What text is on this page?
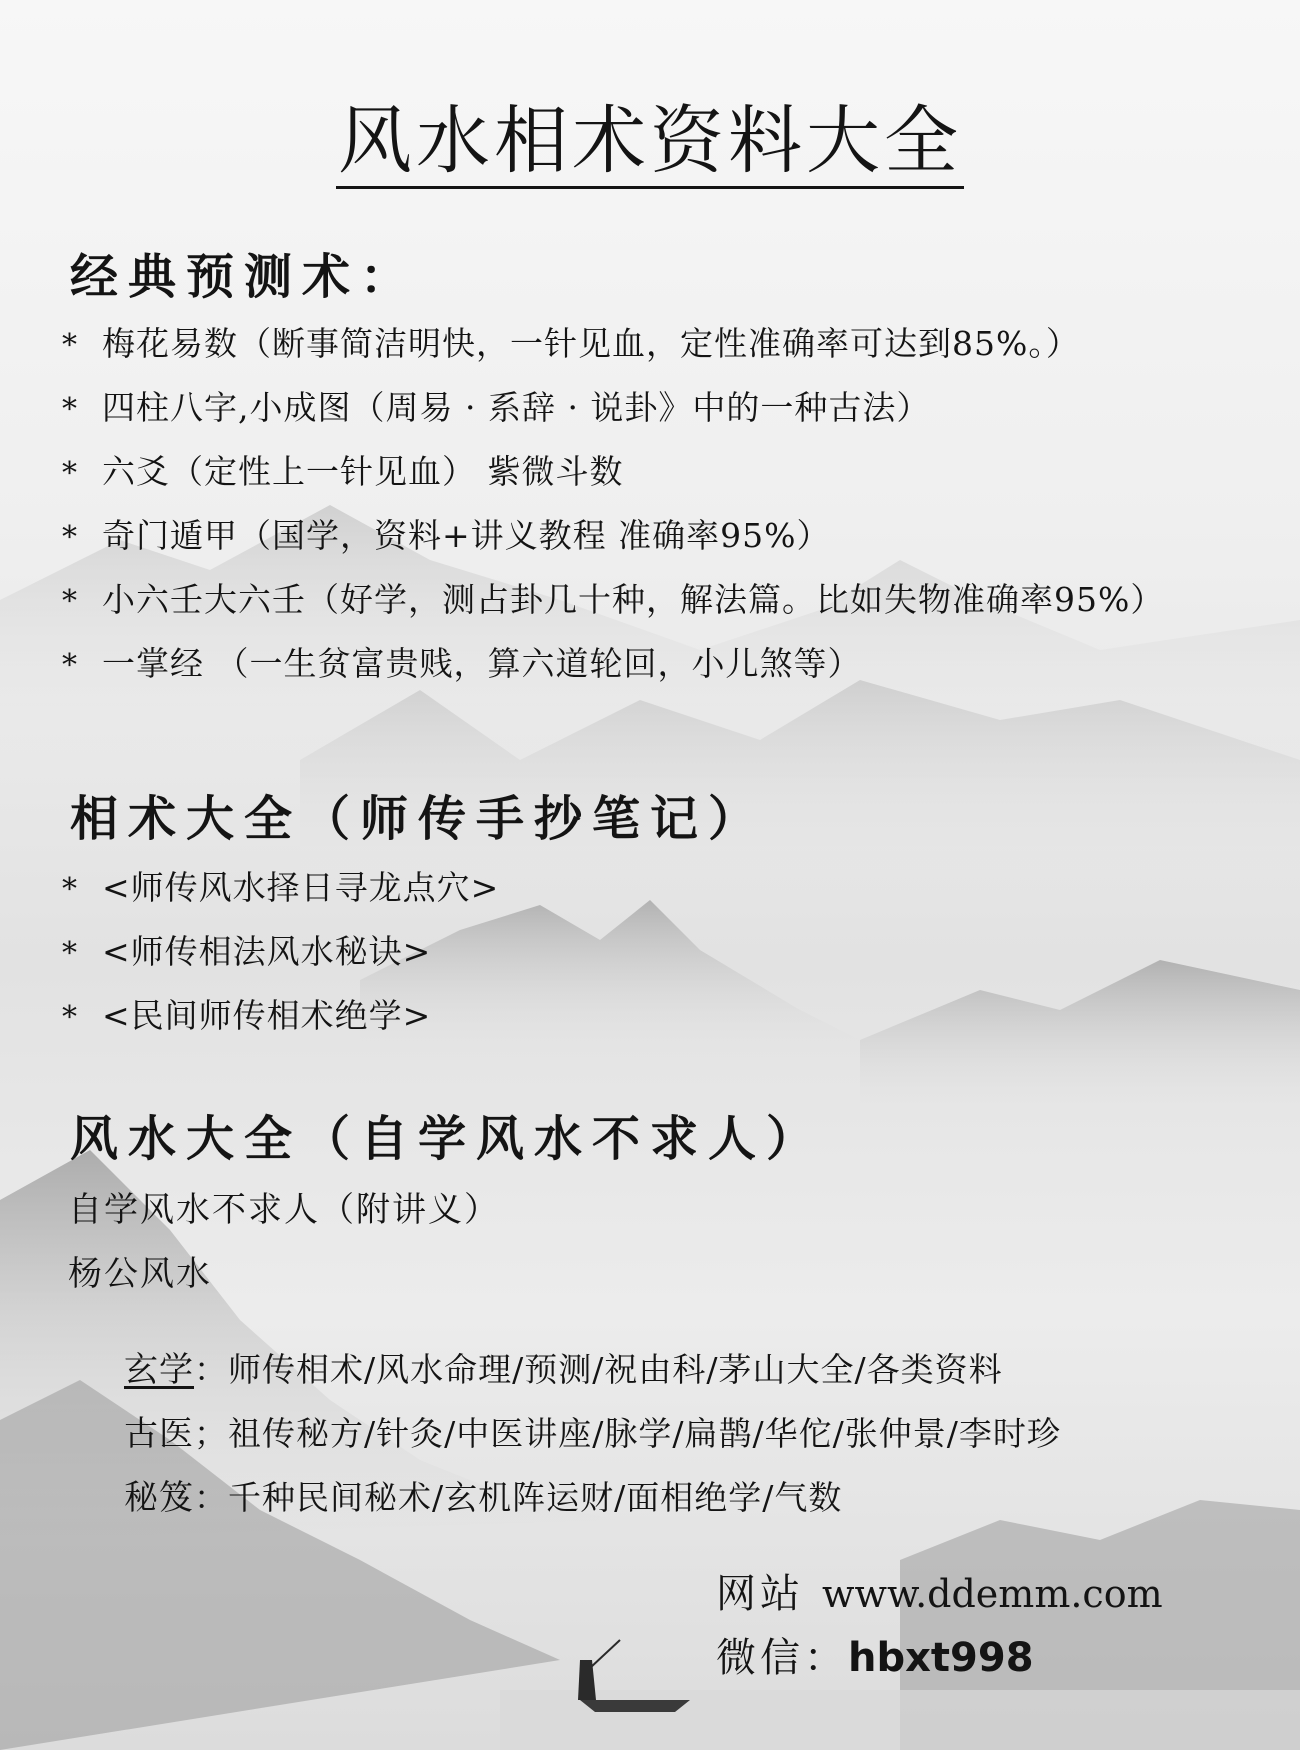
风水相术资料大全
经典预测术：
* 梅花易数（断事简洁明快，一针见血，定性准确率可达到85%。）
* 四柱八字,小成图（周易 · 系辞 · 说卦》中的一种古法）
* 六爻（定性上一针见血） 紫微斗数
* 奇门遁甲（国学，资料+讲义教程 准确率95%）
* 小六壬大六壬（好学，测占卦几十种，解法篇。比如失物准确率95%）
* 一掌经 （一生贫富贵贱，算六道轮回，小儿煞等）
相术大全（师传手抄笔记）
* <师传风水择日寻龙点穴>
* <师传相法风水秘诀>
* <民间师传相术绝学>
风水大全（自学风水不求人）
自学风水不求人（附讲义）
杨公风水
玄学：师传相术/风水命理/预测/祝由科/茅山大全/各类资料
古医；祖传秘方/针灸/中医讲座/脉学/扁鹊/华佗/张仲景/李时珍
秘笈：千种民间秘术/玄机阵运财/面相绝学/气数
网站 www.ddemm.com
微信：hbxt998
